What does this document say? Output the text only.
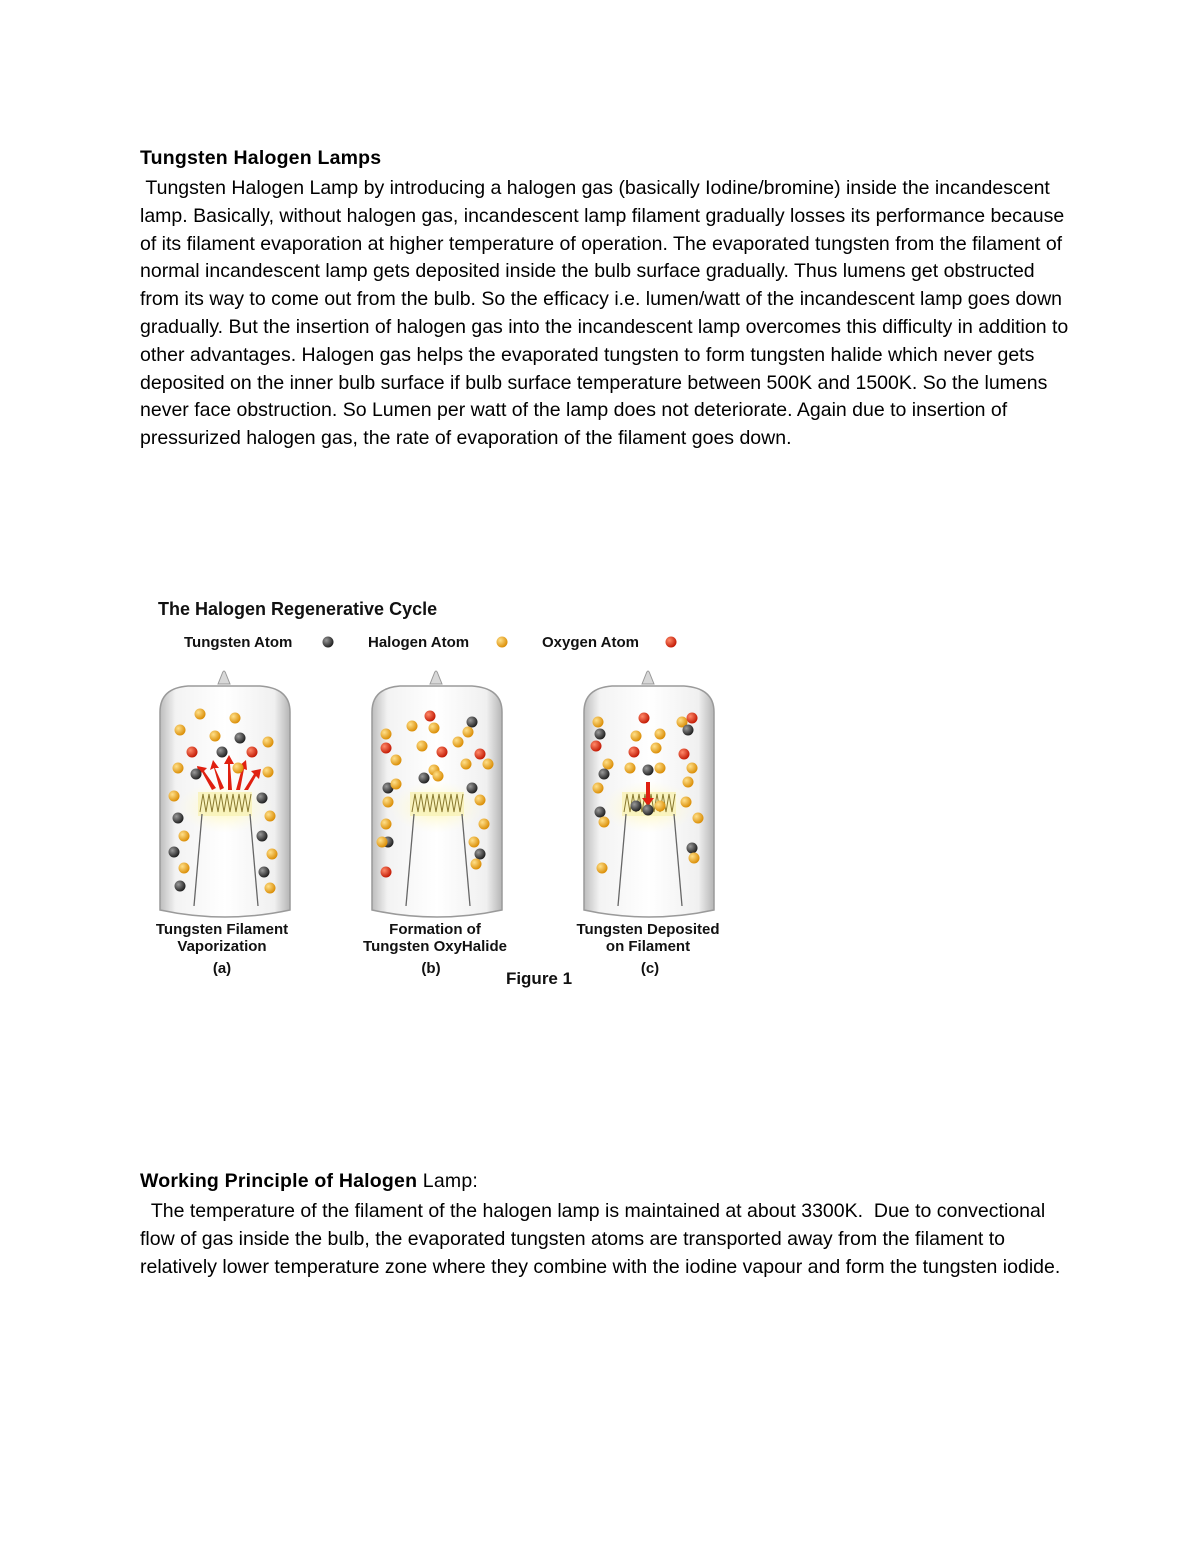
Tungsten Halogen Lamps

Tungsten Halogen Lamp by introducing a halogen gas (basically Iodine/bromine) inside the incandescent lamp. Basically, without halogen gas, incandescent lamp filament gradually losses its performance because of its filament evaporation at higher temperature of operation. The evaporated tungsten from the filament of normal incandescent lamp gets deposited inside the bulb surface gradually. Thus lumens get obstructed from its way to come out from the bulb. So the efficacy i.e. lumen/watt of the incandescent lamp goes down gradually. But the insertion of halogen gas into the incandescent lamp overcomes this difficulty in addition to other advantages. Halogen gas helps the evaporated tungsten to form tungsten halide which never gets deposited on the inner bulb surface if bulb surface temperature between 500K and 1500K. So the lumens never face obstruction. So Lumen per watt of the lamp does not deteriorate. Again due to insertion of pressurized halogen gas, the rate of evaporation of the filament goes down.

The Halogen Regenerative Cycle
Tungsten Atom	Halogen Atom	Oxygen Atom
Tungsten Filament
Vaporization
(a)
Formation of
Tungsten OxyHalide
(b)
Tungsten Deposited
on Filament
(c)
Figure 1
Working Principle of Halogen Lamp:

The temperature of the filament of the halogen lamp is maintained at about 3300K.  Due to convectional flow of gas inside the bulb, the evaporated tungsten atoms are transported away from the filament to relatively lower temperature zone where they combine with the iodine vapour and form the tungsten iodide.
